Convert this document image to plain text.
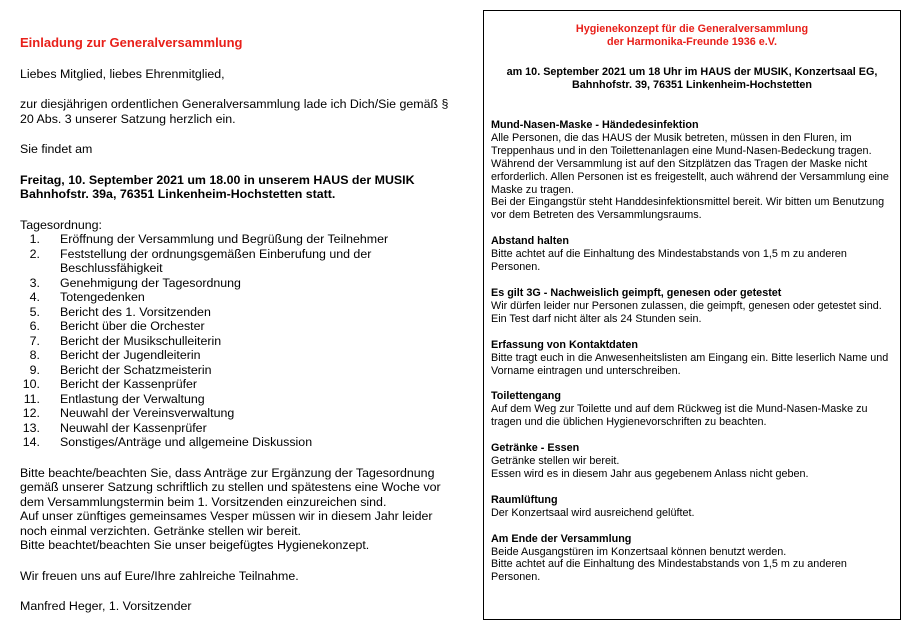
Einladung zur Generalversammlung
Liebes Mitglied, liebes Ehrenmitglied,
zur diesjährigen ordentlichen Generalversammlung lade ich Dich/Sie gemäß § 20 Abs. 3 unserer Satzung herzlich ein.
Sie findet am
Freitag, 10. September 2021 um 18.00 in unserem HAUS der MUSIK
Bahnhofstr. 39a, 76351 Linkenheim-Hochstetten statt.
Tagesordnung:
1.	Eröffnung der Versammlung und Begrüßung der Teilnehmer
2.	Feststellung der ordnungsgemäßen Einberufung und der Beschlussfähigkeit
3.	Genehmigung der Tagesordnung
4.	Totengedenken
5.	Bericht des 1. Vorsitzenden
6.	Bericht über die Orchester
7.	Bericht der Musikschulleiterin
8.	Bericht der Jugendleiterin
9.	Bericht der Schatzmeisterin
10.	Bericht der Kassenprüfer
11.	Entlastung der Verwaltung
12.	Neuwahl der Vereinsverwaltung
13.	Neuwahl der Kassenprüfer
14.	Sonstiges/Anträge und allgemeine Diskussion
Bitte beachte/beachten Sie, dass Anträge zur Ergänzung der Tagesordnung gemäß unserer Satzung schriftlich zu stellen und spätestens eine Woche vor dem Versammlungstermin beim 1. Vorsitzenden einzureichen sind.
Auf unser zünftiges gemeinsames Vesper müssen wir in diesem Jahr leider noch einmal verzichten. Getränke stellen wir bereit.
Bitte beachtet/beachten Sie unser beigefügtes Hygienekonzept.
Wir freuen uns auf Eure/Ihre zahlreiche Teilnahme.
Manfred Heger, 1. Vorsitzender
Hygienekonzept für die Generalversammlung
der Harmonika-Freunde 1936 e.V.
am 10. September 2021 um 18 Uhr im HAUS der MUSIK, Konzertsaal EG,
Bahnhofstr. 39, 76351 Linkenheim-Hochstetten
Mund-Nasen-Maske - Händedesinfektion
Alle Personen, die das HAUS der Musik betreten, müssen in den Fluren, im Treppenhaus und in den Toilettenanlagen eine Mund-Nasen-Bedeckung tragen.
Während der Versammlung ist auf den Sitzplätzen das Tragen der Maske nicht erforderlich. Allen Personen ist es freigestellt, auch während der Versammlung eine Maske zu tragen.
Bei der Eingangstür steht Handdesinfektionsmittel bereit. Wir bitten um Benutzung vor dem Betreten des Versammlungsraums.
Abstand halten
Bitte achtet auf die Einhaltung des Mindestabstands von 1,5 m zu anderen Personen.
Es gilt 3G - Nachweislich geimpft, genesen oder getestet
Wir dürfen leider nur Personen zulassen, die geimpft, genesen oder getestet sind. Ein Test darf nicht älter als 24 Stunden sein.
Erfassung von Kontaktdaten
Bitte tragt euch in die Anwesenheitslisten am Eingang ein. Bitte leserlich Name und Vorname eintragen und unterschreiben.
Toilettengang
Auf dem Weg zur Toilette und auf dem Rückweg ist die Mund-Nasen-Maske zu tragen und die üblichen Hygienevorschriften zu beachten.
Getränke - Essen
Getränke stellen wir bereit.
Essen wird es in diesem Jahr aus gegebenem Anlass nicht geben.
Raumlüftung
Der Konzertsaal wird ausreichend gelüftet.
Am Ende der Versammlung
Beide Ausgangstüren im Konzertsaal können benutzt werden.
Bitte achtet auf die Einhaltung des Mindestabstands von 1,5 m zu anderen Personen.
